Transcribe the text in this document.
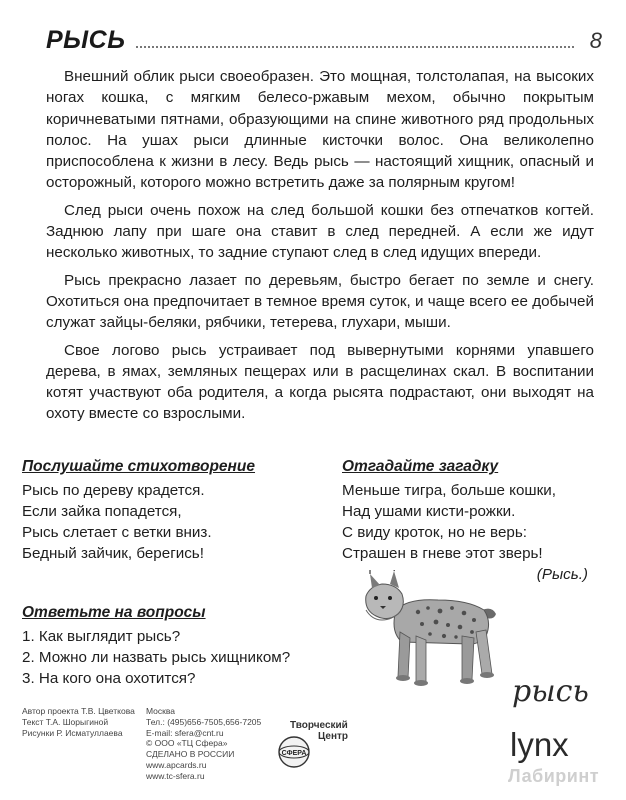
РЫСЬ	8

Внешний облик рыси своеобразен. Это мощная, толстолапая, на высоких ногах кошка, с мягким белесо-ржавым мехом, обычно покрытым коричневатыми пятнами, образующими на спине животного ряд продольных полос. На ушах рыси длинные кисточки волос. Она великолепно приспособлена к жизни в лесу. Ведь рысь — настоящий хищник, опасный и осторожный, которого можно встретить даже за полярным кругом!

След рыси очень похож на след большой кошки без отпечатков когтей. Заднюю лапу при шаге она ставит в след передней. А если же идут несколько животных, то задние ступают след в след идущих впереди.

Рысь прекрасно лазает по деревьям, быстро бегает по земле и снегу. Охотиться она предпочитает в темное время суток, и чаще всего ее добычей служат зайцы-беляки, рябчики, тетерева, глухари, мыши.

Свое логово рысь устраивает под вывернутыми корнями упавшего дерева, в ямах, земляных пещерах или в расщелинах скал. В воспитании котят участвуют оба родителя, а когда рысята подрастают, они выходят на охоту вместе со взрослыми.

Послушайте стихотворение
Рысь по дереву крадется.
Если зайка попадется,
Рысь слетает с ветки вниз.
Бедный зайчик, берегись!
Отгадайте загадку
Меньше тигра, больше кошки,
Над ушами кисти-рожки.
С виду кроток, но не верь:
Страшен в гневе этот зверь!
(Рысь.)
Ответьте на вопросы
1. Как выглядит рысь?
2. Можно ли назвать рысь хищником?
3. На кого она охотится?	рысь
lynx
Автор проекта Т.В. Цветкова
Текст Т.А. Шорыгиной
Рисунки Р. Исматуллаева
Москва
Тел.: (495)656-7505,656-7205
E-mail: sfera@cnt.ru
© ООО «ТЦ Сфера»
СДЕЛАНО В РОССИИ
www.apcards.ru
www.tc-sfera.ru
Творческий
Центр
СФЕРА
Лабиринт
